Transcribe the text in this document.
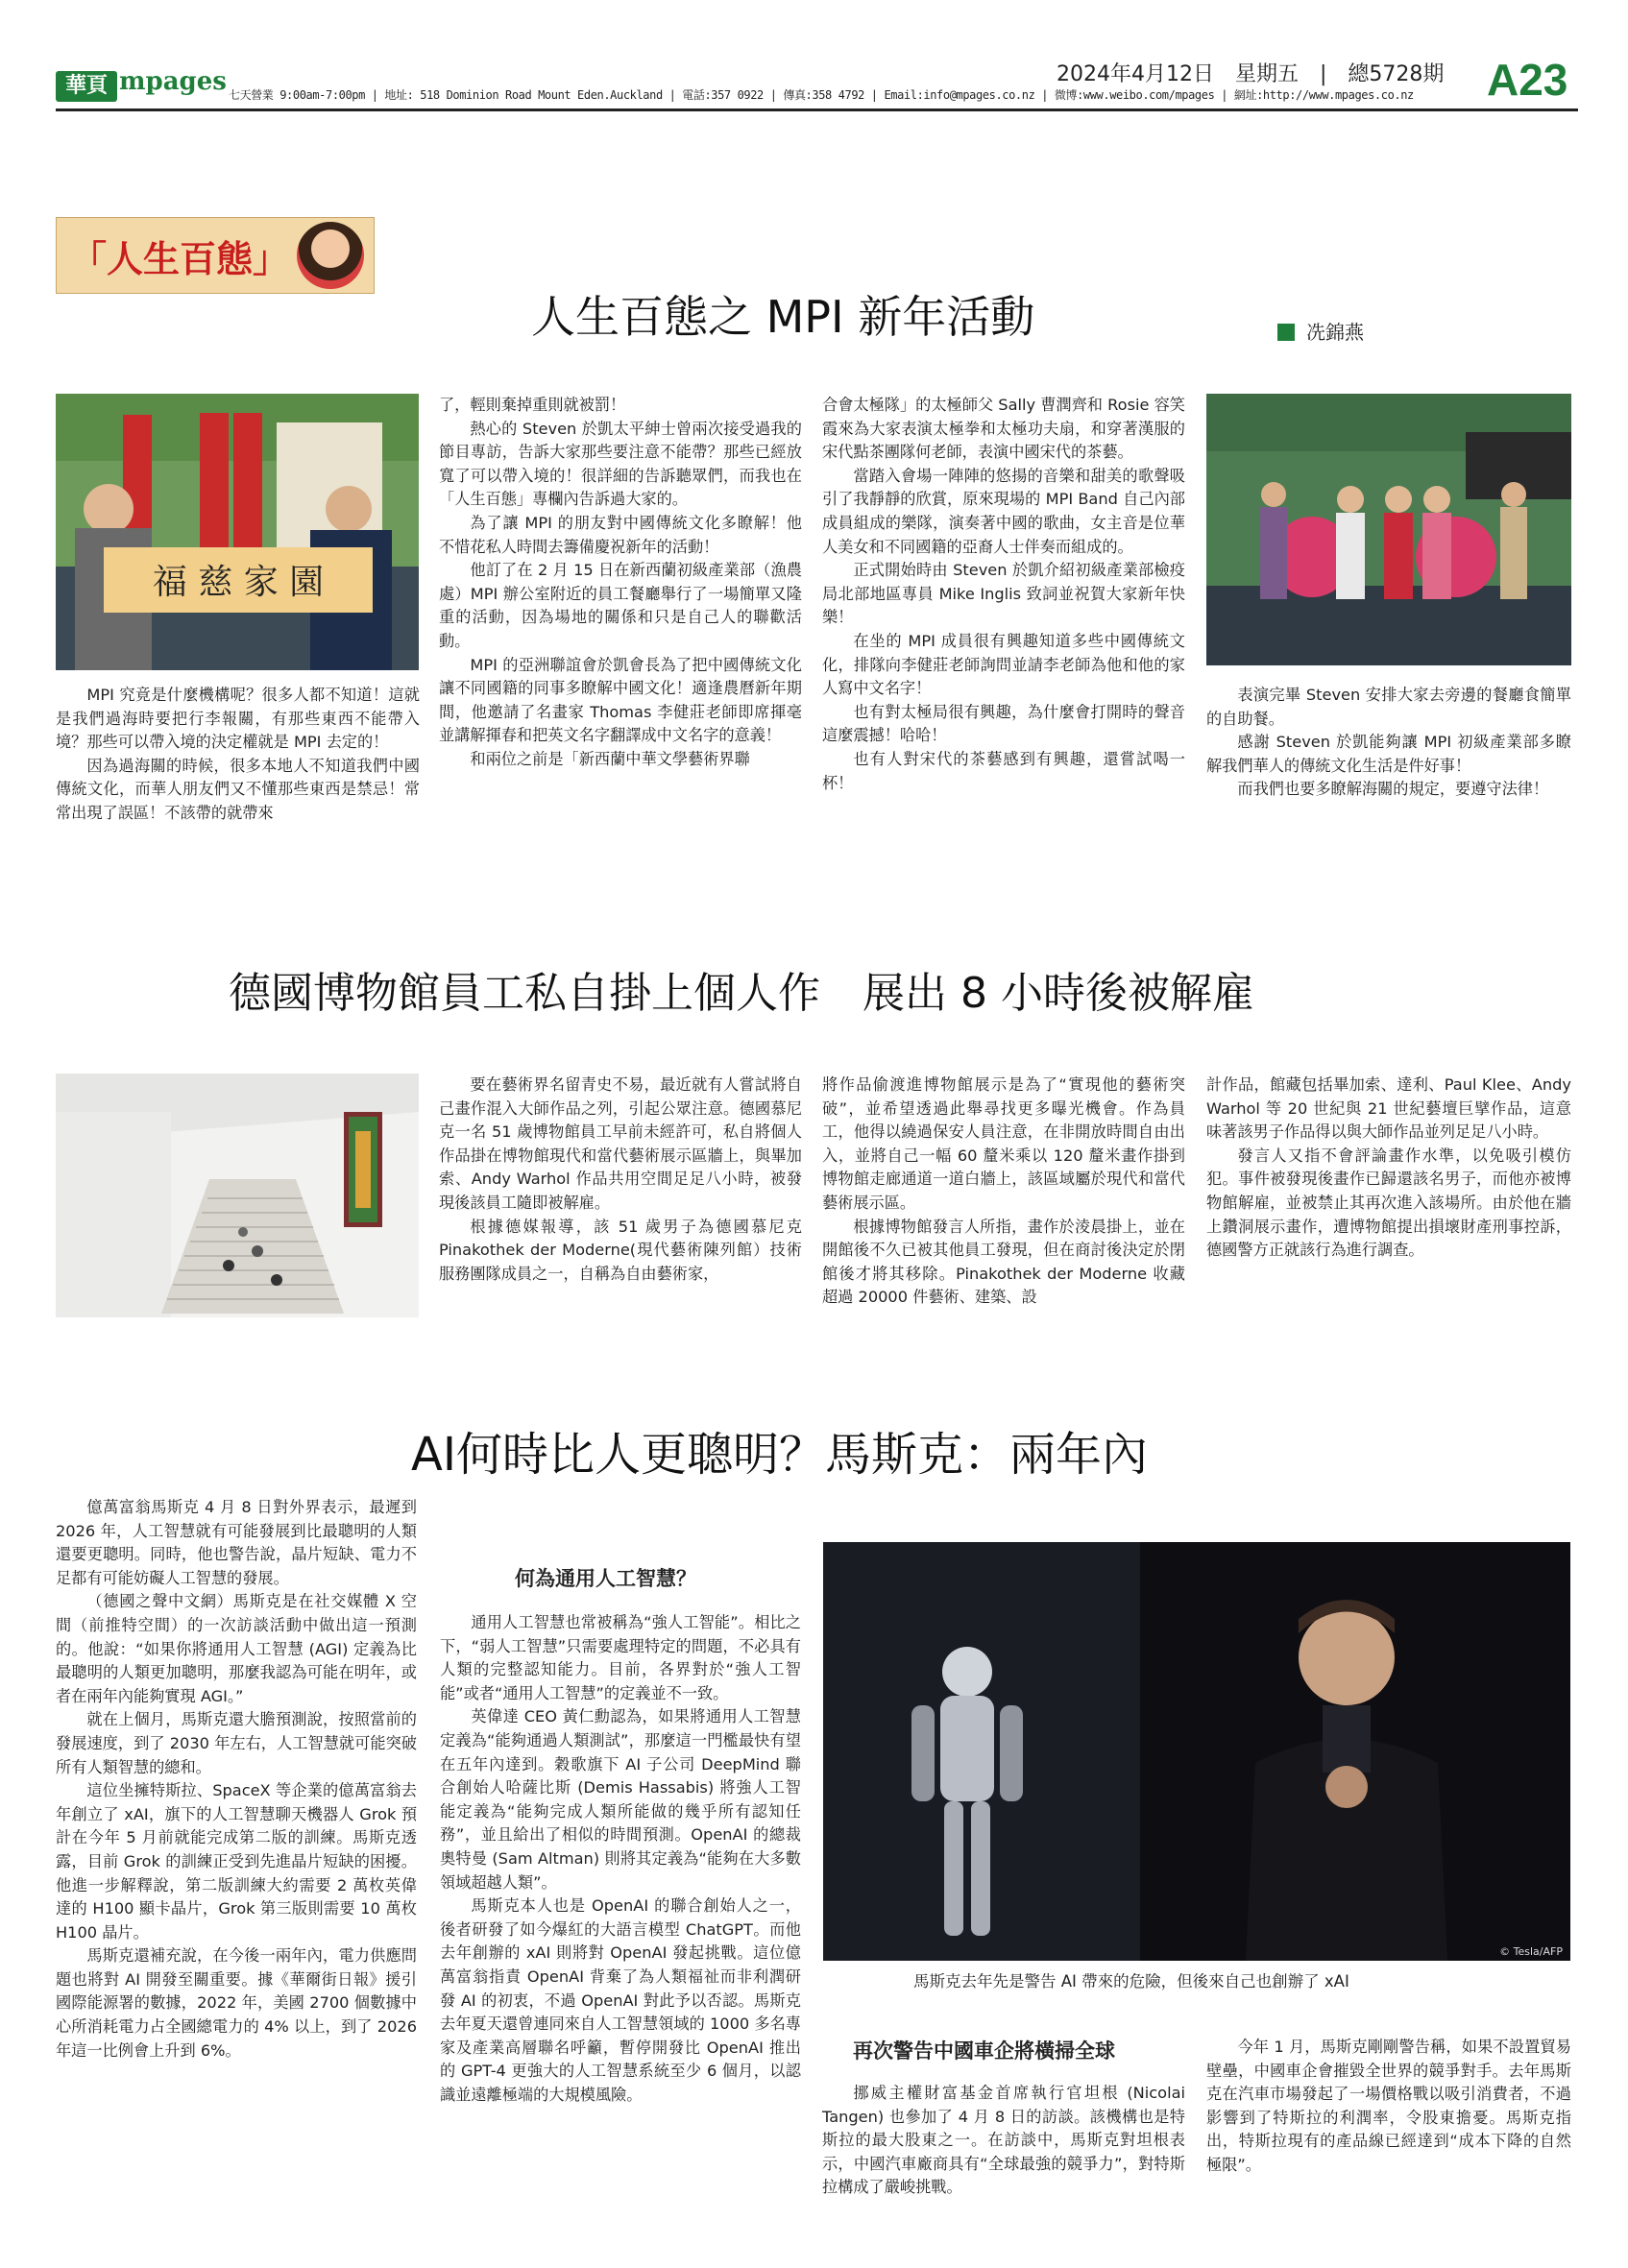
華頁 mpages 七天營業 9:00am-7:00pm | 地址: 518 Dominion Road Mount Eden.Auckland | 電話:357 0922 | 傳真:358 4792 | Email:info@mpages.co.nz | 微博:www.weibo.com/mpages | 網址:http://www.mpages.co.nz
2024年4月12日　星期五　|　總5728期 A23
「人生百態」
人生百態之 MPI 新年活動	冼錦燕
福 慈 家 園

MPI 究竟是什麼機構呢？很多人都不知道！這就是我們過海時要把行李報關，有那些東西不能帶入境？那些可以帶入境的決定權就是 MPI 去定的！

因為過海關的時候，很多本地人不知道我們中國傳統文化，而華人朋友們又不懂那些東西是禁忌！常常出現了誤區！不該帶的就帶來

了，輕則棄掉重則就被罰！

熱心的 Steven 於凱太平紳士曾兩次接受過我的節目專訪，告訴大家那些要注意不能帶？那些已經放寬了可以帶入境的！很詳細的告訴聽眾們，而我也在「人生百態」專欄內告訴過大家的。

為了讓 MPI 的朋友對中國傳統文化多瞭解！他不惜花私人時間去籌備慶祝新年的活動！

他訂了在 2 月 15 日在新西蘭初級產業部（漁農處）MPI 辦公室附近的員工餐廳舉行了一場簡單又隆重的活動，因為場地的關係和只是自己人的聯歡活動。

MPI 的亞洲聯誼會於凱會長為了把中國傳統文化讓不同國籍的同事多瞭解中國文化！適逢農曆新年期間，他邀請了名畫家 Thomas 李健莊老師即席揮毫並講解揮春和把英文名字翻譯成中文名字的意義！

和兩位之前是「新西蘭中華文學藝術界聯

合會太極隊」的太極師父 Sally 曹潤齊和 Rosie 容笑霞來為大家表演太極拳和太極功夫扇，和穿著漢服的宋代點茶團隊何老師，表演中國宋代的茶藝。

當踏入會場一陣陣的悠揚的音樂和甜美的歌聲吸引了我靜靜的欣賞，原來現場的 MPI Band 自己內部成員組成的樂隊，演奏著中國的歌曲，女主音是位華人美女和不同國籍的亞裔人士伴奏而組成的。

正式開始時由 Steven 於凱介紹初級產業部檢疫局北部地區專員 Mike Inglis 致詞並祝賀大家新年快樂！

在坐的 MPI 成員很有興趣知道多些中國傳統文化，排隊向李健莊老師詢問並請李老師為他和他的家人寫中文名字！

也有對太極局很有興趣，為什麼會打開時的聲音這麼震撼！哈哈！

也有人對宋代的茶藝感到有興趣，還嘗試喝一杯！

表演完畢 Steven 安排大家去旁邊的餐廳食簡單的自助餐。

感謝 Steven 於凱能夠讓 MPI 初級產業部多瞭解我們華人的傳統文化生活是件好事！

而我們也要多瞭解海關的規定，要遵守法律！

德國博物館員工私自掛上個人作　展出 8 小時後被解雇

要在藝術界名留青史不易，最近就有人嘗試將自己畫作混入大師作品之列，引起公眾注意。德國慕尼克一名 51 歲博物館員工早前未經許可，私自將個人作品掛在博物館現代和當代藝術展示區牆上，與畢加索、Andy Warhol 作品共用空間足足八小時，被發現後該員工隨即被解雇。

根據德媒報導，該 51 歲男子為德國慕尼克 Pinakothek der Moderne(現代藝術陳列館）技術服務團隊成員之一，自稱為自由藝術家，

將作品偷渡進博物館展示是為了“實現他的藝術突破”，並希望透過此舉尋找更多曝光機會。作為員工，他得以繞過保安人員注意，在非開放時間自由出入，並將自己一幅 60 釐米乘以 120 釐米畫作掛到博物館走廊通道一道白牆上，該區域屬於現代和當代藝術展示區。

根據博物館發言人所指，畫作於淩晨掛上，並在開館後不久已被其他員工發現，但在商討後決定於閉館後才將其移除。Pinakothek der Moderne 收藏超過 20000 件藝術、建築、設

計作品，館藏包括畢加索、達利、Paul Klee、Andy Warhol 等 20 世紀與 21 世紀藝壇巨擘作品，這意味著該男子作品得以與大師作品並列足足八小時。

發言人又指不會評論畫作水準，以免吸引模仿犯。事件被發現後畫作已歸還該名男子，而他亦被博物館解雇，並被禁止其再次進入該場所。由於他在牆上鑽洞展示畫作，遭博物館提出損壞財產刑事控訴，德國警方正就該行為進行調查。

AI何時比人更聰明？馬斯克：兩年內

億萬富翁馬斯克 4 月 8 日對外界表示，最遲到 2026 年，人工智慧就有可能發展到比最聰明的人類還要更聰明。同時，他也警告說，晶片短缺、電力不足都有可能妨礙人工智慧的發展。

（德國之聲中文網）馬斯克是在社交媒體 X 空間（前推特空間）的一次訪談活動中做出這一預測的。他說：“如果你將通用人工智慧 (AGI) 定義為比最聰明的人類更加聰明，那麼我認為可能在明年，或者在兩年內能夠實現 AGI。”

就在上個月，馬斯克還大膽預測說，按照當前的發展速度，到了 2030 年左右，人工智慧就可能突破所有人類智慧的總和。

這位坐擁特斯拉、SpaceX 等企業的億萬富翁去年創立了 xAI，旗下的人工智慧聊天機器人 Grok 預計在今年 5 月前就能完成第二版的訓練。馬斯克透露，目前 Grok 的訓練正受到先進晶片短缺的困擾。他進一步解釋說，第二版訓練大約需要 2 萬枚英偉達的 H100 顯卡晶片，Grok 第三版則需要 10 萬枚 H100 晶片。

馬斯克還補充說，在今後一兩年內，電力供應問題也將對 AI 開發至關重要。據《華爾街日報》援引國際能源署的數據，2022 年，美國 2700 個數據中心所消耗電力占全國總電力的 4% 以上，到了 2026 年這一比例會上升到 6%。

何為通用人工智慧？

通用人工智慧也常被稱為“強人工智能”。相比之下，“弱人工智慧”只需要處理特定的問題，不必具有人類的完整認知能力。目前，各界對於“強人工智能”或者“通用人工智慧”的定義並不一致。

英偉達 CEO 黃仁勳認為，如果將通用人工智慧定義為“能夠通過人類測試”，那麼這一門檻最快有望在五年內達到。穀歌旗下 AI 子公司 DeepMind 聯合創始人哈薩比斯 (Demis Hassabis) 將強人工智能定義為“能夠完成人類所能做的幾乎所有認知任務”，並且給出了相似的時間預測。OpenAI 的總裁奧特曼 (Sam Altman) 則將其定義為“能夠在大多數領域超越人類”。

馬斯克本人也是 OpenAI 的聯合創始人之一，後者研發了如今爆紅的大語言模型 ChatGPT。而他去年創辦的 xAI 則將對 OpenAI 發起挑戰。這位億萬富翁指責 OpenAI 背棄了為人類福祉而非利潤研發 AI 的初衷，不過 OpenAI 對此予以否認。馬斯克去年夏天還曾連同來自人工智慧領域的 1000 多名專家及產業高層聯名呼籲，暫停開發比 OpenAI 推出的 GPT-4 更強大的人工智慧系統至少 6 個月，以認識並遠離極端的大規模風險。

© Tesla/AFP
馬斯克去年先是警告 AI 帶來的危險，但後來自己也創辦了 xAI
再次警告中國車企將橫掃全球

挪威主權財富基金首席執行官坦根 (Nicolai Tangen) 也參加了 4 月 8 日的訪談。該機構也是特斯拉的最大股東之一。在訪談中，馬斯克對坦根表示，中國汽車廠商具有“全球最強的競爭力”，對特斯拉構成了嚴峻挑戰。

今年 1 月，馬斯克剛剛警告稱，如果不設置貿易壁壘，中國車企會摧毀全世界的競爭對手。去年馬斯克在汽車市場發起了一場價格戰以吸引消費者，不過影響到了特斯拉的利潤率，令股東擔憂。馬斯克指出，特斯拉現有的產品線已經達到“成本下降的自然極限”。
